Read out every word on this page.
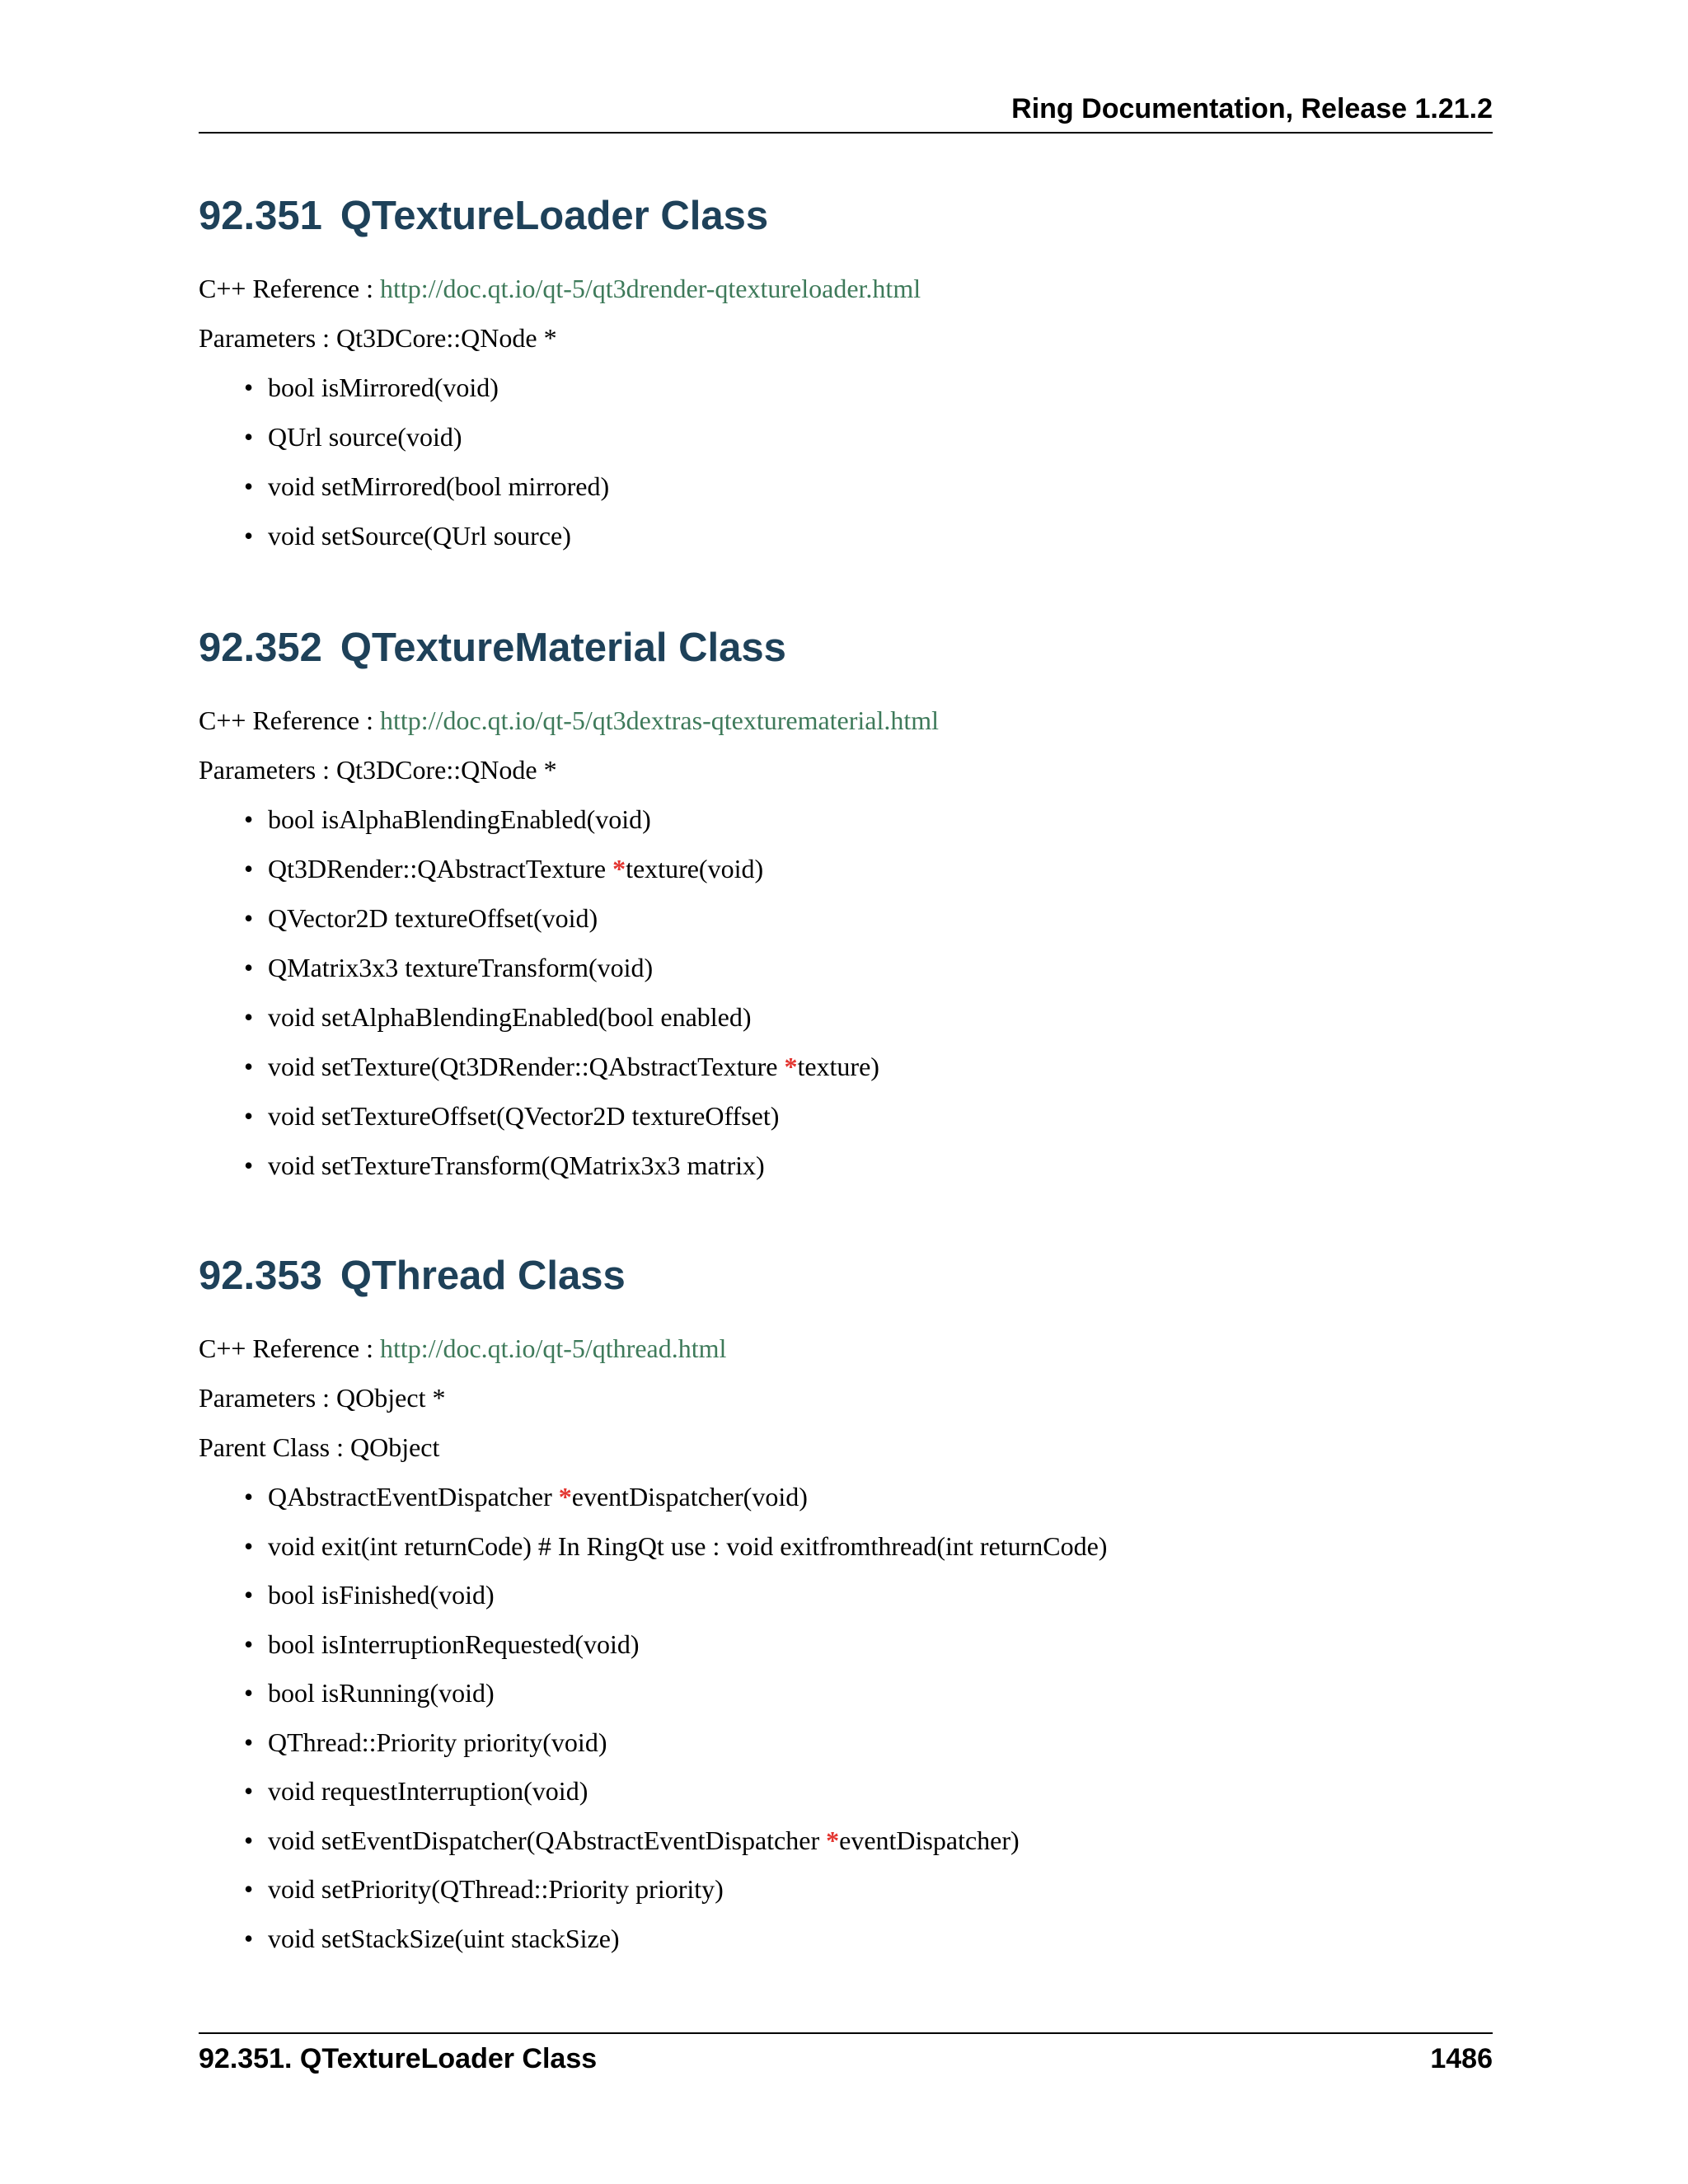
Ring Documentation, Release 1.21.2
92.351 QTextureLoader Class

C++ Reference : http://doc.qt.io/qt-5/qt3drender-qtextureloader.html

Parameters : Qt3DCore::QNode *

• bool isMirrored(void)
• QUrl source(void)
• void setMirrored(bool mirrored)
• void setSource(QUrl source)
92.352 QTextureMaterial Class

C++ Reference : http://doc.qt.io/qt-5/qt3dextras-qtexturematerial.html

Parameters : Qt3DCore::QNode *

• bool isAlphaBlendingEnabled(void)
• Qt3DRender::QAbstractTexture *texture(void)
• QVector2D textureOffset(void)
• QMatrix3x3 textureTransform(void)
• void setAlphaBlendingEnabled(bool enabled)
• void setTexture(Qt3DRender::QAbstractTexture *texture)
• void setTextureOffset(QVector2D textureOffset)
• void setTextureTransform(QMatrix3x3 matrix)
92.353 QThread Class

C++ Reference : http://doc.qt.io/qt-5/qthread.html

Parameters : QObject *

Parent Class : QObject

• QAbstractEventDispatcher *eventDispatcher(void)
• void exit(int returnCode) # In RingQt use : void exitfromthread(int returnCode)
• bool isFinished(void)
• bool isInterruptionRequested(void)
• bool isRunning(void)
• QThread::Priority priority(void)
• void requestInterruption(void)
• void setEventDispatcher(QAbstractEventDispatcher *eventDispatcher)
• void setPriority(QThread::Priority priority)
• void setStackSize(uint stackSize)
92.351. QTextureLoader Class	1486
